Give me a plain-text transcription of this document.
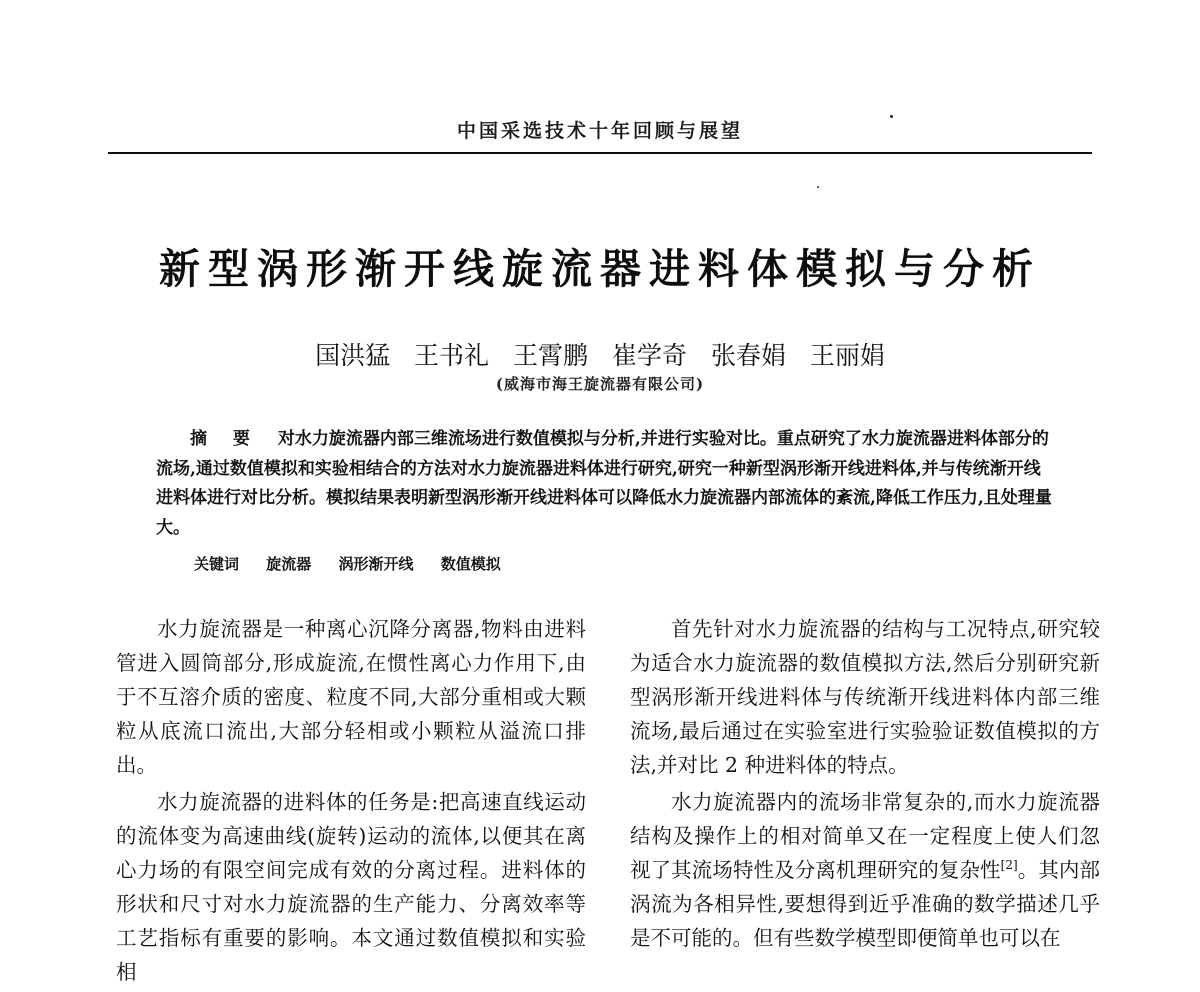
中国采选技术十年回顾与展望
新型涡形渐开线旋流器进料体模拟与分析
国洪猛 王书礼 王霄鹏 崔学奇 张春娟 王丽娟
(威海市海王旋流器有限公司)
摘 要 对水力旋流器内部三维流场进行数值模拟与分析,并进行实验对比。重点研究了水力旋流器进料体部分的流场,通过数值模拟和实验相结合的方法对水力旋流器进料体进行研究,研究一种新型涡形渐开线进料体,并与传统渐开线进料体进行对比分析。模拟结果表明新型涡形渐开线进料体可以降低水力旋流器内部流体的紊流,降低工作压力,且处理量大。
关键词 旋流器 涡形渐开线 数值模拟

水力旋流器是一种离心沉降分离器,物料由进料管进入圆筒部分,形成旋流,在惯性离心力作用下,由于不互溶介质的密度、粒度不同,大部分重相或大颗粒从底流口流出,大部分轻相或小颗粒从溢流口排出。

水力旋流器的进料体的任务是:把高速直线运动的流体变为高速曲线(旋转)运动的流体,以便其在离心力场的有限空间完成有效的分离过程。进料体的形状和尺寸对水力旋流器的生产能力、分离效率等工艺指标有重要的影响。本文通过数值模拟和实验相

首先针对水力旋流器的结构与工况特点,研究较为适合水力旋流器的数值模拟方法,然后分别研究新型涡形渐开线进料体与传统渐开线进料体内部三维流场,最后通过在实验室进行实验验证数值模拟的方法,并对比 2 种进料体的特点。

水力旋流器内的流场非常复杂的,而水力旋流器结构及操作上的相对简单又在一定程度上使人们忽视了其流场特性及分离机理研究的复杂性[2]。其内部涡流为各相异性,要想得到近乎准确的数学描述几乎是不可能的。但有些数学模型即便简单也可以在
